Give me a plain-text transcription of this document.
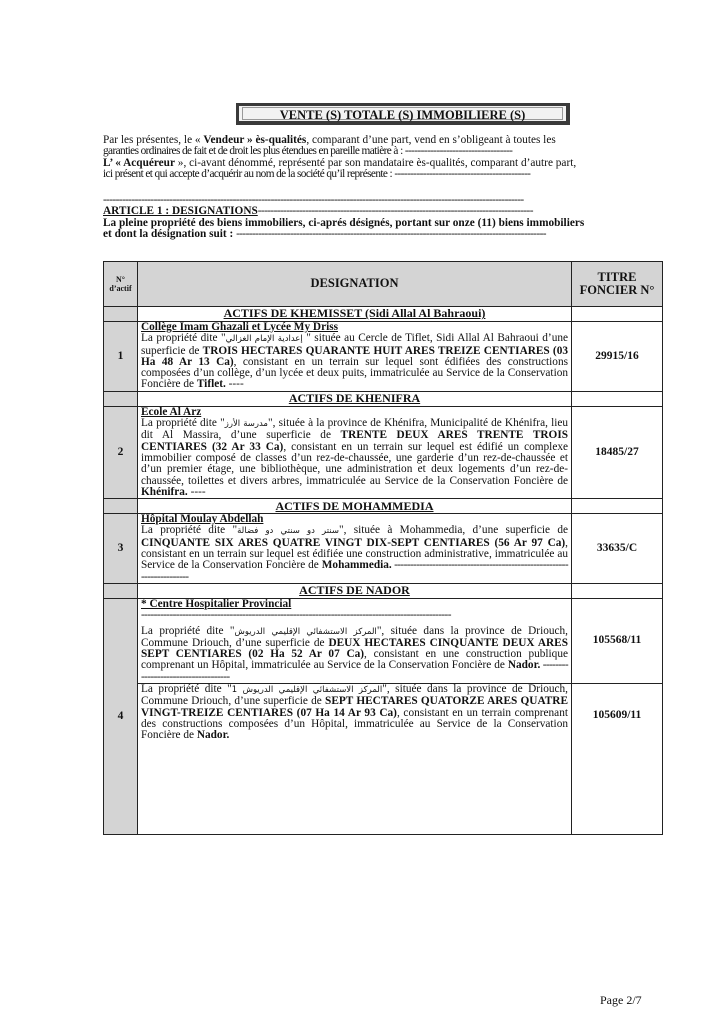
VENTE (S) TOTALE (S) IMMOBILIERE (S)
Par les présentes, le « Vendeur » ès-qualités, comparant d’une part, vend en s’obligeant à toutes les
garanties ordinaires de fait et de droit les plus étendues en pareille matière à : ----------------------------------
L’ « Acquéreur », ci-avant dénommé, représenté par son mandataire ès-qualités, comparant d’autre part,
ici présent et qui accepte d’acquérir au nom de la société qu’il représente : -------------------------------------------
-------------------------------------------------------------------------------------------------------------------------------------
ARTICLE 1 : DESIGNATIONS---------------------------------------------------------------------------------------
La pleine propriété des biens immobiliers, ci-aprés désignés, portant sur onze (11) biens immobiliers
et dont la désignation suit : --------------------------------------------------------------------------------------------------
N°
d’actif	DESIGNATION	TITRE
FONCIER N°
	ACTIFS DE KHEMISSET (Sidi Allal Al Bahraoui)	
1	Collège Imam Ghazali et Lycée My Driss
La propriété dite "إعدادية الإمام الغزالي " située au Cercle de Tiflet, Sidi Allal Al Bahraoui d’une superficie de TROIS HECTARES QUARANTE HUIT ARES TREIZE CENTIARES (03 Ha 48 Ar 13 Ca), consistant en un terrain sur lequel sont édifiées des constructions composées d’un collège, d’un lycée et deux puits, immatriculée au Service de la Conservation Foncière de Tiflet. ----	29915/16
	ACTIFS DE KHENIFRA	
2	Ecole Al Arz
La propriété dite "مدرسة الأرز", située à la province de Khénifra, Municipalité de Khénifra, lieu dit Al Massira, d’une superficie de TRENTE DEUX ARES TRENTE TROIS CENTIARES (32 Ar 33 Ca), consistant en un terrain sur lequel est édifié un complexe immobilier composé de classes d’un rez-de-chaussée, une garderie d’un rez-de-chaussée et d’un premier étage, une bibliothèque, une administration et deux logements d’un rez-de-chaussée, toilettes et divers arbres, immatriculée au Service de la Conservation Foncière de Khénifra. ----	18485/27
	ACTIFS DE MOHAMMEDIA	
3	Hôpital Moulay Abdellah
La propriété dite "سنتر دو سنتي دو فضالة", située à Mohammedia, d’une superficie de CINQUANTE SIX ARES QUATRE VINGT DIX-SEPT CENTIARES (56 Ar 97 Ca), consistant en un terrain sur lequel est édifiée une construction administrative, immatriculée au Service de la Conservation Foncière de Mohammedia. ----------------------------------------------------------------------	33635/C
	ACTIFS DE NADOR	
4	* Centre Hospitalier Provincial
--------------------------------------------------------------------------------------------------
La propriété dite "المركز الاستشفائي الإقليمي الدريوش", située dans la province de Driouch, Commune Driouch, d’une superficie de DEUX HECTARES CINQUANTE DEUX ARES SEPT CENTIARES (02 Ha 52 Ar 07 Ca), consistant en une construction publique comprenant un Hôpital, immatriculée au Service de la Conservation Foncière de Nador. ------------------------------------	105568/11
	La propriété dite "المركز الاستشفائي الإقليمي الدريوش 1", située dans la province de Driouch, Commune Driouch, d’une superficie de SEPT HECTARES QUATORZE ARES QUATRE VINGT-TREIZE CENTIARES (07 Ha 14 Ar 93 Ca), consistant en un terrain comprenant des constructions composées d’un Hôpital, immatriculée au Service de la Conservation Foncière de Nador.	105609/11
Page 2/7
